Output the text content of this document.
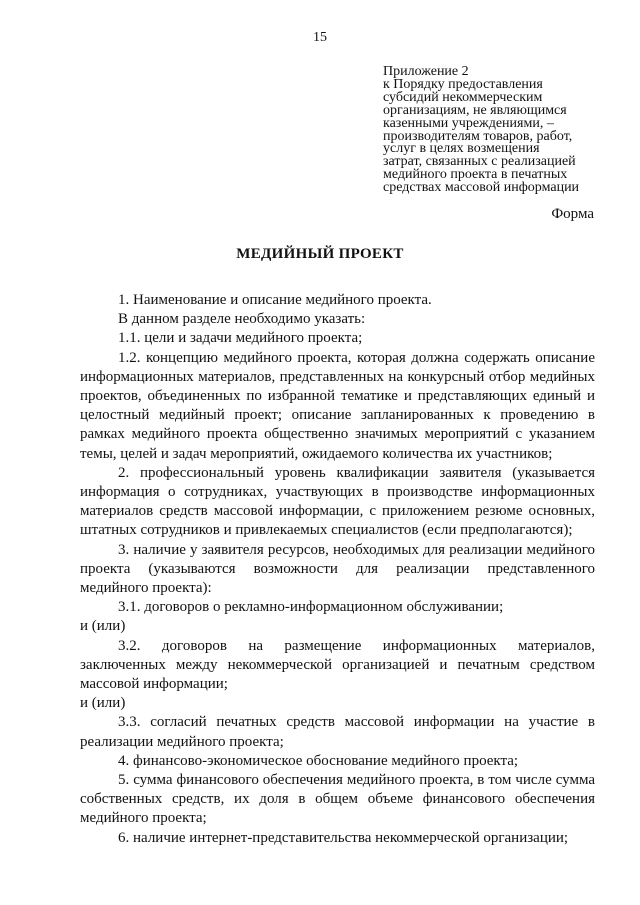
15
Приложение 2
к Порядку предоставления
субсидий некоммерческим
организациям, не являющимся
казенными учреждениями, –
производителям товаров, работ,
услуг в целях возмещения
затрат, связанных с реализацией
медийного проекта в печатных
средствах массовой информации
Форма
МЕДИЙНЫЙ ПРОЕКТ

1. Наименование и описание медийного проекта.

В данном разделе необходимо указать:

1.1. цели и задачи медийного проекта;

1.2. концепцию медийного проекта, которая должна содержать описание информационных материалов, представленных на конкурсный отбор медийных проектов, объединенных по избранной тематике и представляющих единый и целостный медийный проект; описание запланированных к проведению в рамках медийного проекта общественно значимых мероприятий с указанием темы, целей и задач мероприятий, ожидаемого количества их участников;

2. профессиональный уровень квалификации заявителя (указывается информация о сотрудниках, участвующих в производстве информационных материалов средств массовой информации, с приложением резюме основных, штатных сотрудников и привлекаемых специалистов (если предполагаются);

3. наличие у заявителя ресурсов, необходимых для реализации медийного проекта (указываются возможности для реализации представленного медийного проекта):

3.1. договоров о рекламно-информационном обслуживании;

и (или)

3.2. договоров на размещение информационных материалов, заключенных между некоммерческой организацией и печатным средством массовой информации;

и (или)

3.3. согласий печатных средств массовой информации на участие в реализации медийного проекта;

4. финансово-экономическое обоснование медийного проекта;

5. сумма финансового обеспечения медийного проекта, в том числе сумма собственных средств, их доля в общем объеме финансового обеспечения медийного проекта;

6. наличие интернет-представительства некоммерческой организации;
